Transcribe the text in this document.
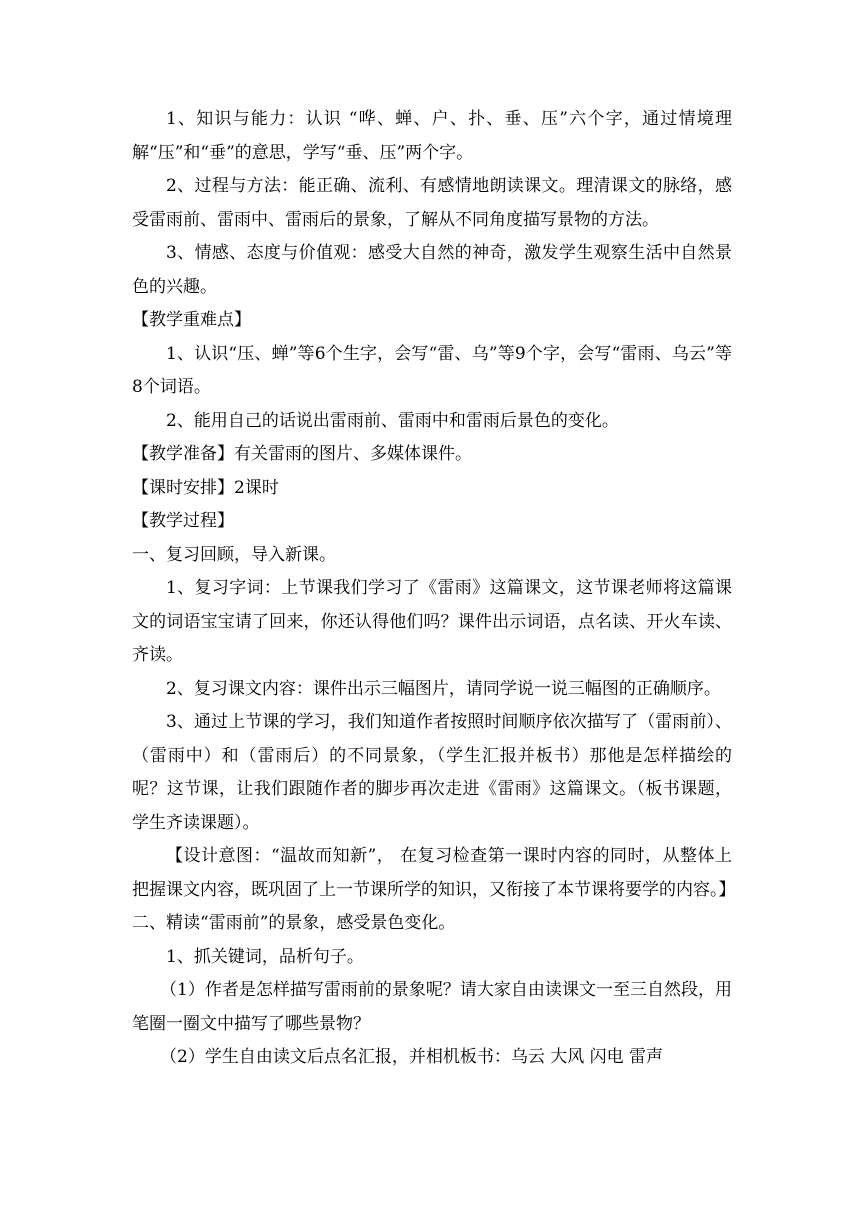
1、知识与能力：认识 “哗、蝉、户、扑、垂、压”六个字，通过情境理解“压”和“垂”的意思，学写“垂、压”两个字。

2、过程与方法：能正确、流利、有感情地朗读课文。理清课文的脉络，感受雷雨前、雷雨中、雷雨后的景象，了解从不同角度描写景物的方法。

3、情感、态度与价值观：感受大自然的神奇，激发学生观察生活中自然景色的兴趣。

【教学重难点】

1、认识“压、蝉”等6个生字，会写“雷、乌”等9个字，会写“雷雨、乌云”等8个词语。

2、能用自己的话说出雷雨前、雷雨中和雷雨后景色的变化。

【教学准备】有关雷雨的图片、多媒体课件。

【课时安排】2课时

【教学过程】

一、复习回顾，导入新课。

1、复习字词：上节课我们学习了《雷雨》这篇课文，这节课老师将这篇课文的词语宝宝请了回来，你还认得他们吗？课件出示词语，点名读、开火车读、齐读。

2、复习课文内容：课件出示三幅图片，请同学说一说三幅图的正确顺序。

3、通过上节课的学习，我们知道作者按照时间顺序依次描写了（雷雨前）、（雷雨中）和（雷雨后）的不同景象，（学生汇报并板书）那他是怎样描绘的呢？这节课，让我们跟随作者的脚步再次走进《雷雨》这篇课文。（板书课题，学生齐读课题）。

【设计意图：“温故而知新”， 在复习检查第一课时内容的同时，从整体上把握课文内容，既巩固了上一节课所学的知识，又衔接了本节课将要学的内容。】

二、精读“雷雨前”的景象，感受景色变化。

1、抓关键词，品析句子。

（1）作者是怎样描写雷雨前的景象呢？请大家自由读课文一至三自然段，用笔圈一圈文中描写了哪些景物？

（2）学生自由读文后点名汇报，并相机板书：乌云 大风 闪电 雷声
